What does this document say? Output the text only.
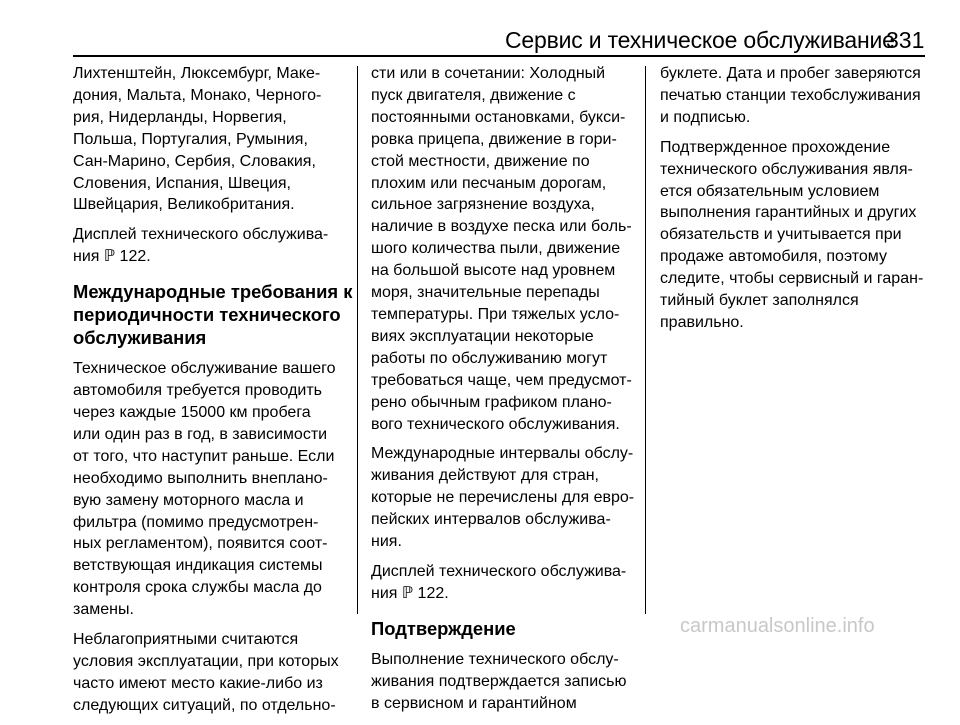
Сервис и техническое обслуживание
331
Лихтенштейн, Люксембург, Маке-
дония, Мальта, Монако, Черного-
рия, Нидерланды, Норвегия,
Польша, Португалия, Румыния,
Сан-Марино, Сербия, Словакия,
Словения, Испания, Швеция,
Швейцария, Великобритания.
Дисплей технического обслужива-
ния ℙ 122.
Международные требования к
периодичности технического
обслуживания
Техническое обслуживание вашего
автомобиля требуется проводить
через каждые 15000 км пробега
или один раз в год, в зависимости
от того, что наступит раньше. Если
необходимо выполнить внеплано-
вую замену моторного масла и
фильтра (помимо предусмотрен-
ных регламентом), появится соот-
ветствующая индикация системы
контроля срока службы масла до
замены.
Неблагоприятными считаются
условия эксплуатации, при которых
часто имеют место какие-либо из
следующих ситуаций, по отдельно-
сти или в сочетании: Холодный
пуск двигателя, движение с
постоянными остановками, букси-
ровка прицепа, движение в гори-
стой местности, движение по
плохим или песчаным дорогам,
сильное загрязнение воздуха,
наличие в воздухе песка или боль-
шого количества пыли, движение
на большой высоте над уровнем
моря, значительные перепады
температуры. При тяжелых усло-
виях эксплуатации некоторые
работы по обслуживанию могут
требоваться чаще, чем предусмот-
рено обычным графиком плано-
вого технического обслуживания.
Международные интервалы обслу-
живания действуют для стран,
которые не перечислены для евро-
пейских интервалов обслужива-
ния.
Дисплей технического обслужива-
ния ℙ 122.
Подтверждение
Выполнение технического обслу-
живания подтверждается записью
в сервисном и гарантийном
буклете. Дата и пробег заверяются
печатью станции техобслуживания
и подписью.
Подтвержденное прохождение
технического обслуживания явля-
ется обязательным условием
выполнения гарантийных и других
обязательств и учитывается при
продаже автомобиля, поэтому
следите, чтобы сервисный и гаран-
тийный буклет заполнялся
правильно.
carmanualsonline.info
